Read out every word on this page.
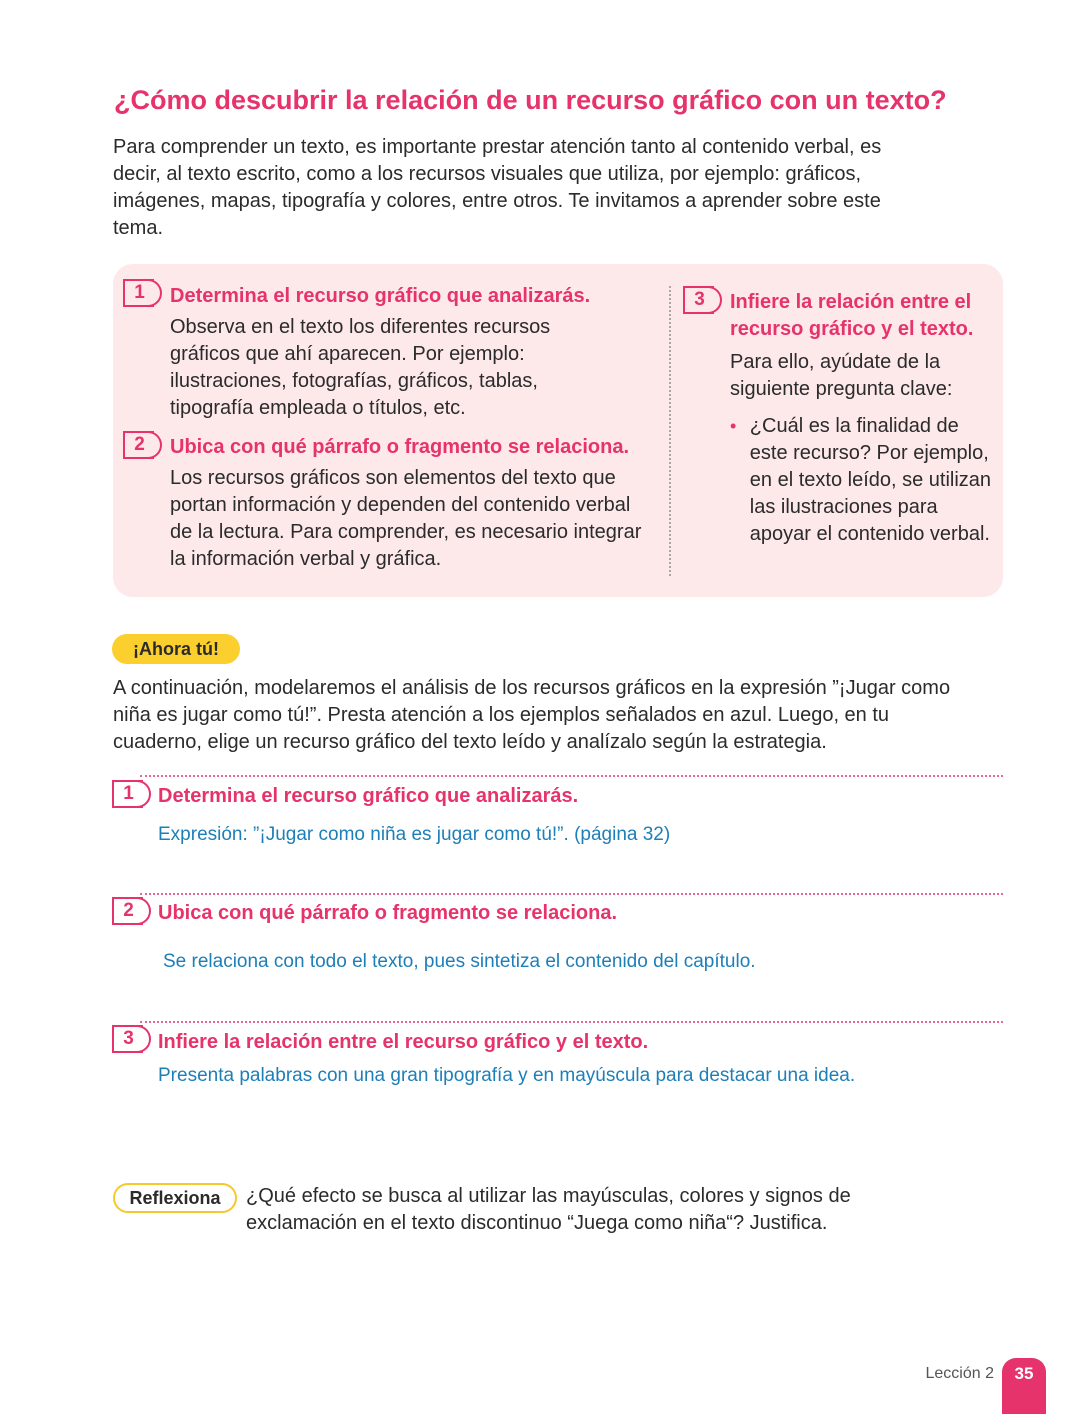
¿Cómo descubrir la relación de un recurso gráfico con un texto?
Para comprender un texto, es importante prestar atención tanto al contenido verbal, es decir, al texto escrito, como a los recursos visuales que utiliza, por ejemplo: gráficos, imágenes, mapas, tipografía y colores, entre otros. Te invitamos a aprender sobre este tema.
1	Determina el recurso gráfico que analizarás.
Observa en el texto los diferentes recursos gráficos que ahí aparecen. Por ejemplo: ilustraciones, fotografías, gráficos, tablas, tipografía empleada o títulos, etc.
2	Ubica con qué párrafo o fragmento se relaciona.
Los recursos gráficos son elementos del texto que portan información y dependen del contenido verbal de la lectura. Para comprender, es necesario integrar la información verbal y gráfica.
3	Infiere la relación entre el recurso gráfico y el texto.
Para ello, ayúdate de la siguiente pregunta clave:
• ¿Cuál es la finalidad de este recurso? Por ejemplo, en el texto leído, se utilizan las ilustraciones para apoyar el contenido verbal.
¡Ahora tú!
A continuación, modelaremos el análisis de los recursos gráficos en la expresión ”¡Jugar como niña es jugar como tú!”. Presta atención a los ejemplos señalados en azul. Luego, en tu cuaderno, elige un recurso gráfico del texto leído y analízalo según la estrategia.
1	Determina el recurso gráfico que analizarás.
Expresión: ”¡Jugar como niña es jugar como tú!”. (página 32)
2	Ubica con qué párrafo o fragmento se relaciona.
Se relaciona con todo el texto, pues sintetiza el contenido del capítulo.
3	Infiere la relación entre el recurso gráfico y el texto.
Presenta palabras con una gran tipografía y en mayúscula para destacar una idea.
Reflexiona	¿Qué efecto se busca al utilizar las mayúsculas, colores y signos de exclamación en el texto discontinuo “Juega como niña“? Justifica.
Lección 2	35
